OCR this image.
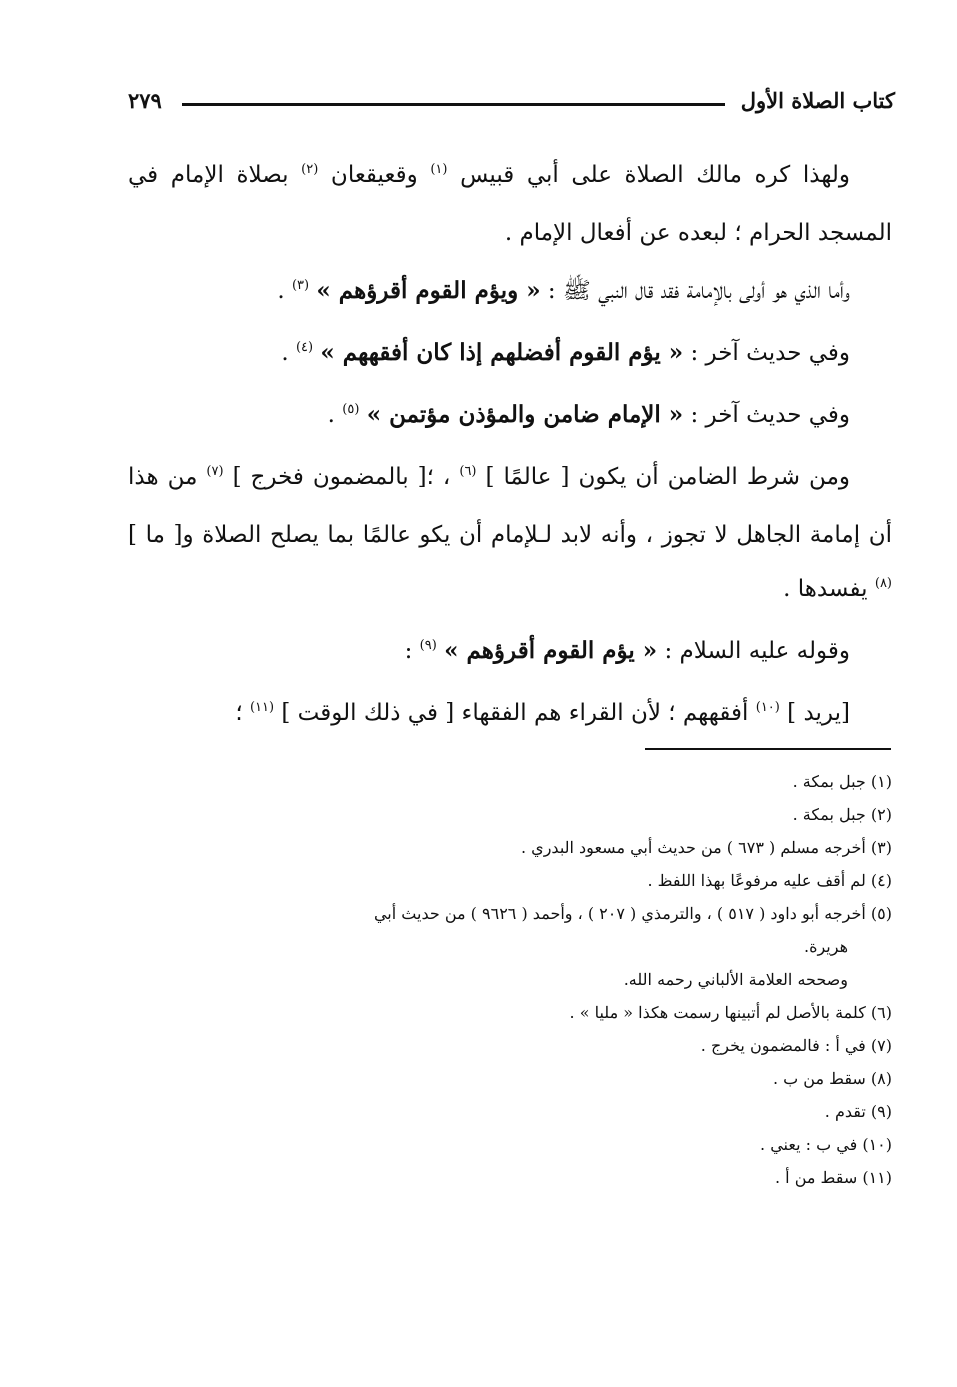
كتاب الصلاة الأول
٢٧٩

ولهذا كره مالك الصلاة على أبي قبيس $^{(١)}$ وقعيقعان $^{(٢)}$ بصلاة الإمام في المسجد الحرام ؛ لبعده عن أفعال الإمام .

وأما الذي هو أولى بالإمامة فقد قال النبي ﷺ : « ويؤم القوم أقرؤهم » $^{(٣)}$ .

وفي حديث آخر : « يؤم القوم أفضلهم إذا كان أفقههم » $^{(٤)}$ .

وفي حديث آخر : « الإمام ضامن والمؤذن مؤتمن » $^{(٥)}$ .

ومن شرط الضامن أن يكون [ عالمًا ] $^{(٦)}$ ، ؛[ بالمضمون فخرج ] $^{(٧)}$ من هذا أن إمامة الجاهل لا تجوز ، وأنه لابد لـلإمام أن يكو عالمًا بما يصلح الصلاة و[ ما ] $^{(٨)}$ يفسدها .

وقوله عليه السلام : « يؤم القوم أقرؤهم » $^{(٩)}$ :

[يريد ] $^{(١٠)}$ أفقههم ؛ لأن القراء هم الفقهاء [ في ذلك الوقت ] $^{(١١)}$ ؛

(١) جبل بمكة .

(٢) جبل بمكة .

(٣) أخرجه مسلم ( ٦٧٣ ) من حديث أبي مسعود البدري .

(٤) لم أقف عليه مرفوعًا بهذا اللفظ .

(٥) أخرجه أبو داود ( ٥١٧ ) ، والترمذي ( ٢٠٧ ) ، وأحمد ( ٩٦٢٦ ) من حديث أبي

هريرة.

وصححه العلامة الألباني رحمه الله.

(٦) كلمة بالأصل لم أتبينها رسمت هكذا « مليا » .

(٧) في أ : فالمضمون يخرج .

(٨) سقط من ب .

(٩) تقدم .

(١٠) في ب : يعني .

(١١) سقط من أ .
